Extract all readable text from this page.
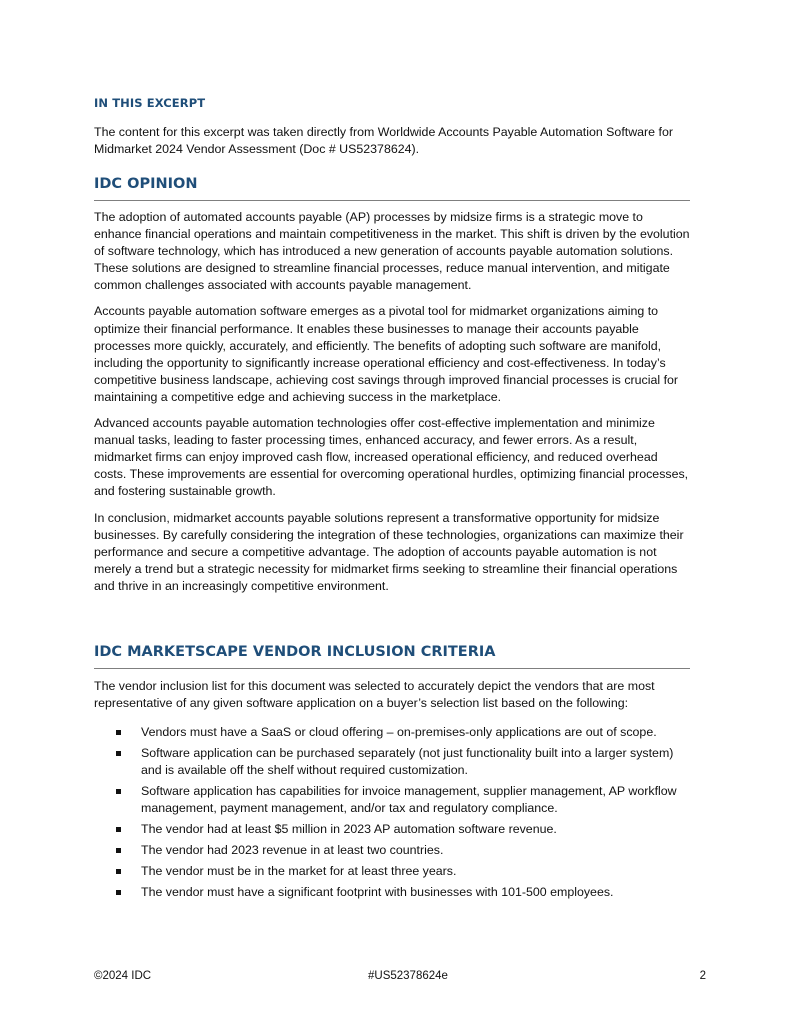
IN THIS EXCERPT
The content for this excerpt was taken directly from Worldwide Accounts Payable Automation Software for Midmarket 2024 Vendor Assessment (Doc # US52378624).
IDC OPINION

The adoption of automated accounts payable (AP) processes by midsize firms is a strategic move to enhance financial operations and maintain competitiveness in the market. This shift is driven by the evolution of software technology, which has introduced a new generation of accounts payable automation solutions. These solutions are designed to streamline financial processes, reduce manual intervention, and mitigate common challenges associated with accounts payable management.

Accounts payable automation software emerges as a pivotal tool for midmarket organizations aiming to optimize their financial performance. It enables these businesses to manage their accounts payable processes more quickly, accurately, and efficiently. The benefits of adopting such software are manifold, including the opportunity to significantly increase operational efficiency and cost-effectiveness. In today’s competitive business landscape, achieving cost savings through improved financial processes is crucial for maintaining a competitive edge and achieving success in the marketplace.

Advanced accounts payable automation technologies offer cost-effective implementation and minimize manual tasks, leading to faster processing times, enhanced accuracy, and fewer errors. As a result, midmarket firms can enjoy improved cash flow, increased operational efficiency, and reduced overhead costs. These improvements are essential for overcoming operational hurdles, optimizing financial processes, and fostering sustainable growth.

In conclusion, midmarket accounts payable solutions represent a transformative opportunity for midsize businesses. By carefully considering the integration of these technologies, organizations can maximize their performance and secure a competitive advantage. The adoption of accounts payable automation is not merely a trend but a strategic necessity for midmarket firms seeking to streamline their financial operations and thrive in an increasingly competitive environment.

IDC MARKETSCAPE VENDOR INCLUSION CRITERIA

The vendor inclusion list for this document was selected to accurately depict the vendors that are most representative of any given software application on a buyer’s selection list based on the following:

Vendors must have a SaaS or cloud offering – on-premises-only applications are out of scope.
Software application can be purchased separately (not just functionality built into a larger system) and is available off the shelf without required customization.
Software application has capabilities for invoice management, supplier management, AP workflow management, payment management, and/or tax and regulatory compliance.
The vendor had at least $5 million in 2023 AP automation software revenue.
The vendor had 2023 revenue in at least two countries.
The vendor must be in the market for at least three years.
The vendor must have a significant footprint with businesses with 101-500 employees.
©2024 IDC	#US52378624e	2
